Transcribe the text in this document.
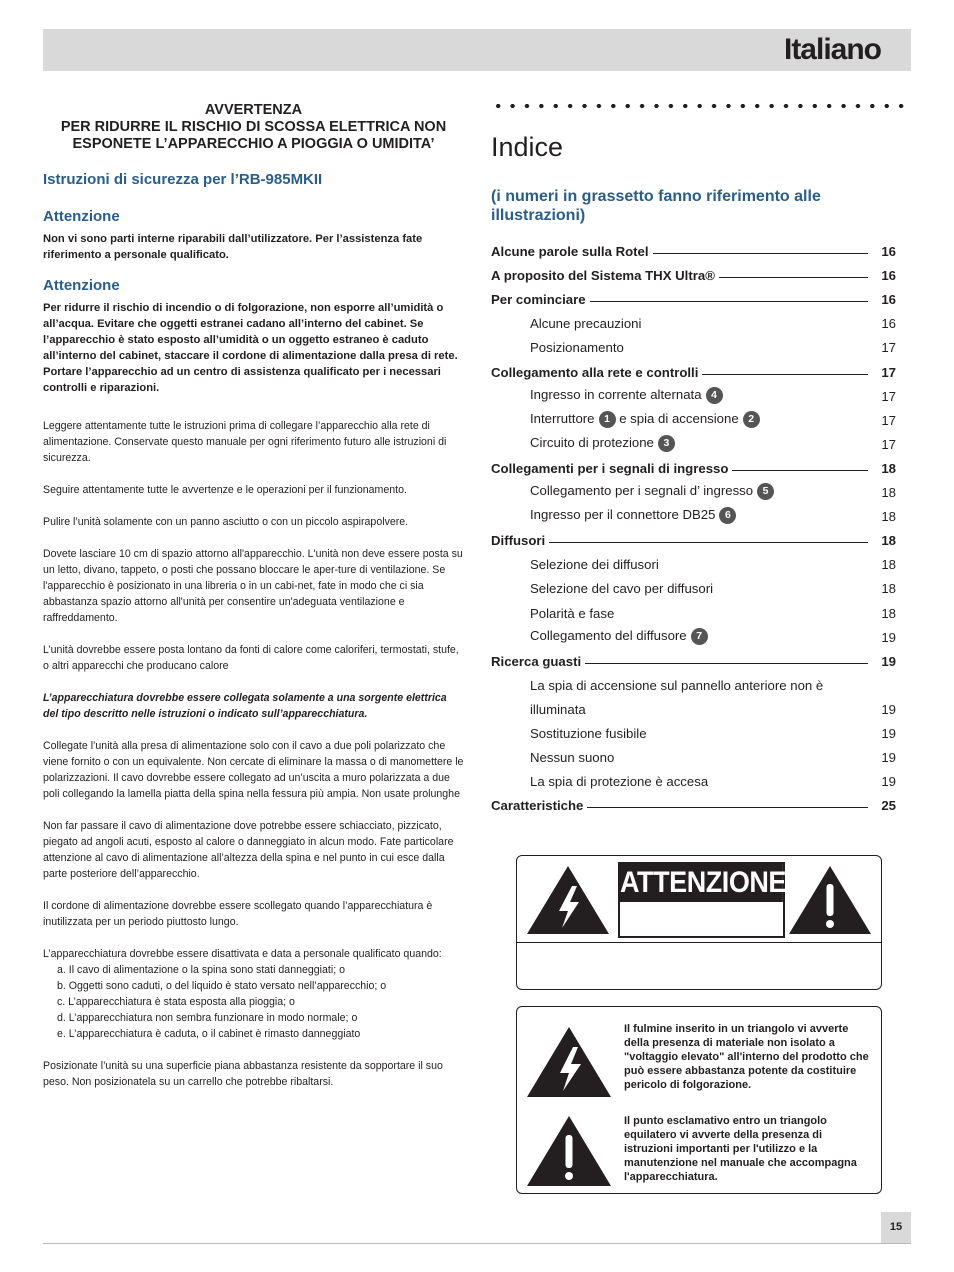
Italiano
AVVERTENZA
PER RIDURRE IL RISCHIO DI SCOSSA ELETTRICA NON
ESPONETE L’APPARECCHIO A PIOGGIA O UMIDITA’
Istruzioni di sicurezza per l’RB-985MKII
Attenzione
Non vi sono parti interne riparabili dall’utilizzatore. Per l’assistenza fate riferimento a personale qualificato.
Attenzione
Per ridurre il rischio di incendio o di folgorazione, non esporre all’umidità o all’acqua. Evitare che oggetti estranei cadano all’interno del cabinet. Se l’apparecchio è stato esposto all’umidità o un oggetto estraneo è caduto all’interno del cabinet, staccare il cordone di alimentazione dalla presa di rete. Portare l’apparecchio ad un centro di assistenza qualificato per i necessari controlli e riparazioni.
Leggere attentamente tutte le istruzioni prima di collegare l’apparecchio alla rete di alimentazione. Conservate questo manuale per ogni riferimento futuro alle istruzioni di sicurezza.
Seguire attentamente tutte le avvertenze e le operazioni per il funzionamento.
Pulire l’unità solamente con un panno asciutto o con un piccolo aspirapolvere.
Dovete lasciare 10 cm di spazio attorno all'apparecchio. L'unità non deve essere posta su un letto, divano, tappeto, o posti che possano bloccare le aper-ture di ventilazione. Se l'apparecchio è posizionato in una libreria o in un cabi-net, fate in modo che ci sia abbastanza spazio attorno all'unità per consentire un'adeguata ventilazione e raffreddamento.
L’unità dovrebbe essere posta lontano da fonti di calore come caloriferi, termostati, stufe, o altri apparecchi che producano calore
L’apparecchiatura dovrebbe essere collegata solamente a una sorgente elettrica del tipo descritto nelle istruzioni o indicato sull’apparecchiatura.
Collegate l’unità alla presa di alimentazione solo con il cavo a due poli polarizzato che viene fornito o con un equivalente. Non cercate di eliminare la massa o di manomettere le polarizzazioni. Il cavo dovrebbe essere collegato ad un’uscita a muro polarizzata a due poli collegando la lamella piatta della spina nella fessura più ampia. Non usate prolunghe
Non far passare il cavo di alimentazione dove potrebbe essere schiacciato, pizzicato, piegato ad angoli acuti, esposto al calore o danneggiato in alcun modo. Fate particolare attenzione al cavo di alimentazione all’altezza della spina e nel punto in cui esce dalla parte posteriore dell’apparecchio.
Il cordone di alimentazione dovrebbe essere scollegato quando l’apparecchiatura è inutilizzata per un periodo piuttosto lungo.
L’apparecchiatura dovrebbe essere disattivata e data a personale qualificato quando:
a. Il cavo di alimentazione o la spina sono stati danneggiati; o
b. Oggetti sono caduti, o del liquido è stato versato nell’apparecchio; o
c. L’apparecchiatura è stata esposta alla pioggia; o
d. L’apparecchiatura non sembra funzionare in modo normale; o
e. L’apparecchiatura è caduta, o il cabinet è rimasto danneggiato
Posizionate l’unità su una superficie piana abbastanza resistente da sopportare il suo peso. Non posizionatela su un carrello che potrebbe ribaltarsi.
Indice
(i numeri in grassetto fanno riferimento alle illustrazioni)
Alcune parole sulla Rotel	16
A proposito del Sistema THX Ultra®	16
Per cominciare	16
Alcune precauzioni	16
Posizionamento	17
Collegamento alla rete e controlli	17
Ingresso in corrente alternata 4	17
Interruttore 1 e spia di accensione 2	17
Circuito di protezione 3	17
Collegamenti per i segnali di ingresso	18
Collegamento per i segnali d’ ingresso 5	18
Ingresso per il connettore DB25 6	18
Diffusori	18
Selezione dei diffusori	18
Selezione del cavo per diffusori	18
Polarità e fase	18
Collegamento del diffusore 7	19
Ricerca guasti	19
La spia di accensione sul pannello anteriore non è
illuminata	19
Sostituzione fusibile	19
Nessun suono	19
La spia di protezione è accesa	19
Caratteristiche	25
ATTENZIONE
Il fulmine inserito in un triangolo vi avverte della presenza di materiale non isolato a "voltaggio elevato" all'interno del prodotto che può essere abbastanza potente da costituire pericolo di folgorazione.
Il punto esclamativo entro un triangolo equilatero vi avverte della presenza di istruzioni importanti per l'utilizzo e la manutenzione nel manuale che accompagna l'apparecchiatura.
15
